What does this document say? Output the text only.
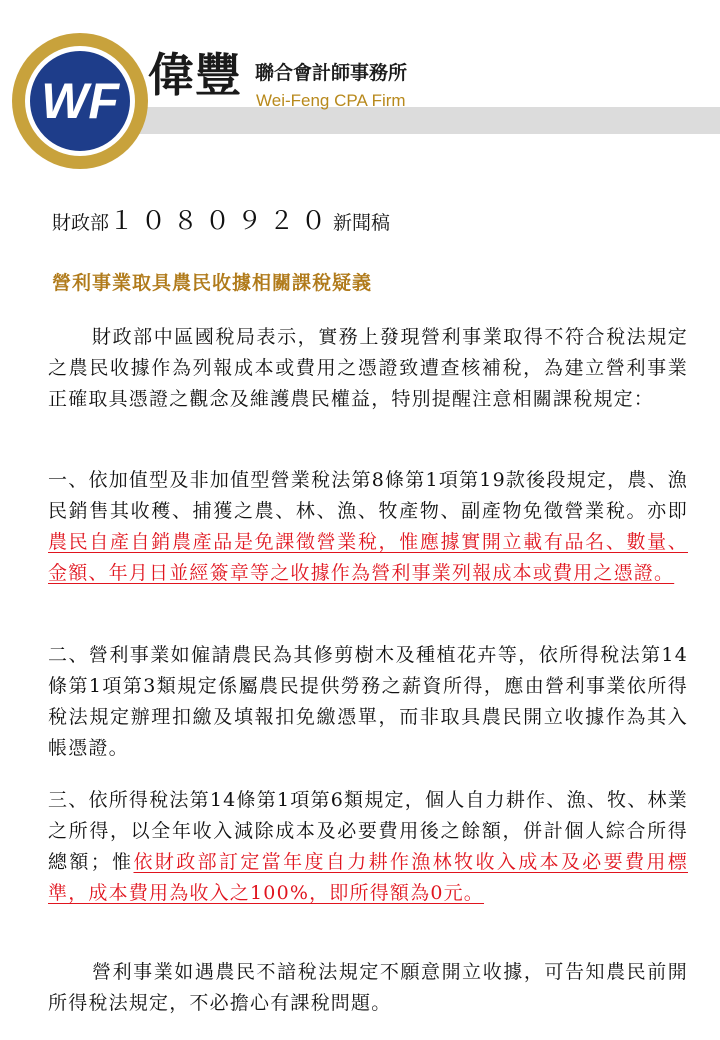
WF 偉豐 聯合會計師事務所
Wei-Feng CPA Firm
財政部１０８０９２０新聞稿
營利事業取具農民收據相關課稅疑義
財政部中區國稅局表示，實務上發現營利事業取得不符合稅法規定之農民收據作為列報成本或費用之憑證致遭查核補稅，為建立營利事業正確取具憑證之觀念及維護農民權益，特別提醒注意相關課稅規定：
一、依加值型及非加值型營業稅法第8條第1項第19款後段規定，農、漁民銷售其收穫、捕獲之農、林、漁、牧產物、副產物免徵營業稅。亦即農民自產自銷農產品是免課徵營業稅，惟應據實開立載有品名、數量、金額、年月日並經簽章等之收據作為營利事業列報成本或費用之憑證。
二、營利事業如僱請農民為其修剪樹木及種植花卉等，依所得稅法第14條第1項第3類規定係屬農民提供勞務之薪資所得，應由營利事業依所得稅法規定辦理扣繳及填報扣免繳憑單，而非取具農民開立收據作為其入帳憑證。
三、依所得稅法第14條第1項第6類規定，個人自力耕作、漁、牧、林業之所得，以全年收入減除成本及必要費用後之餘額，併計個人綜合所得總額；惟依財政部訂定當年度自力耕作漁林牧收入成本及必要費用標準，成本費用為收入之100%，即所得額為0元。
營利事業如遇農民不諳稅法規定不願意開立收據，可告知農民前開所得稅法規定，不必擔心有課稅問題。
